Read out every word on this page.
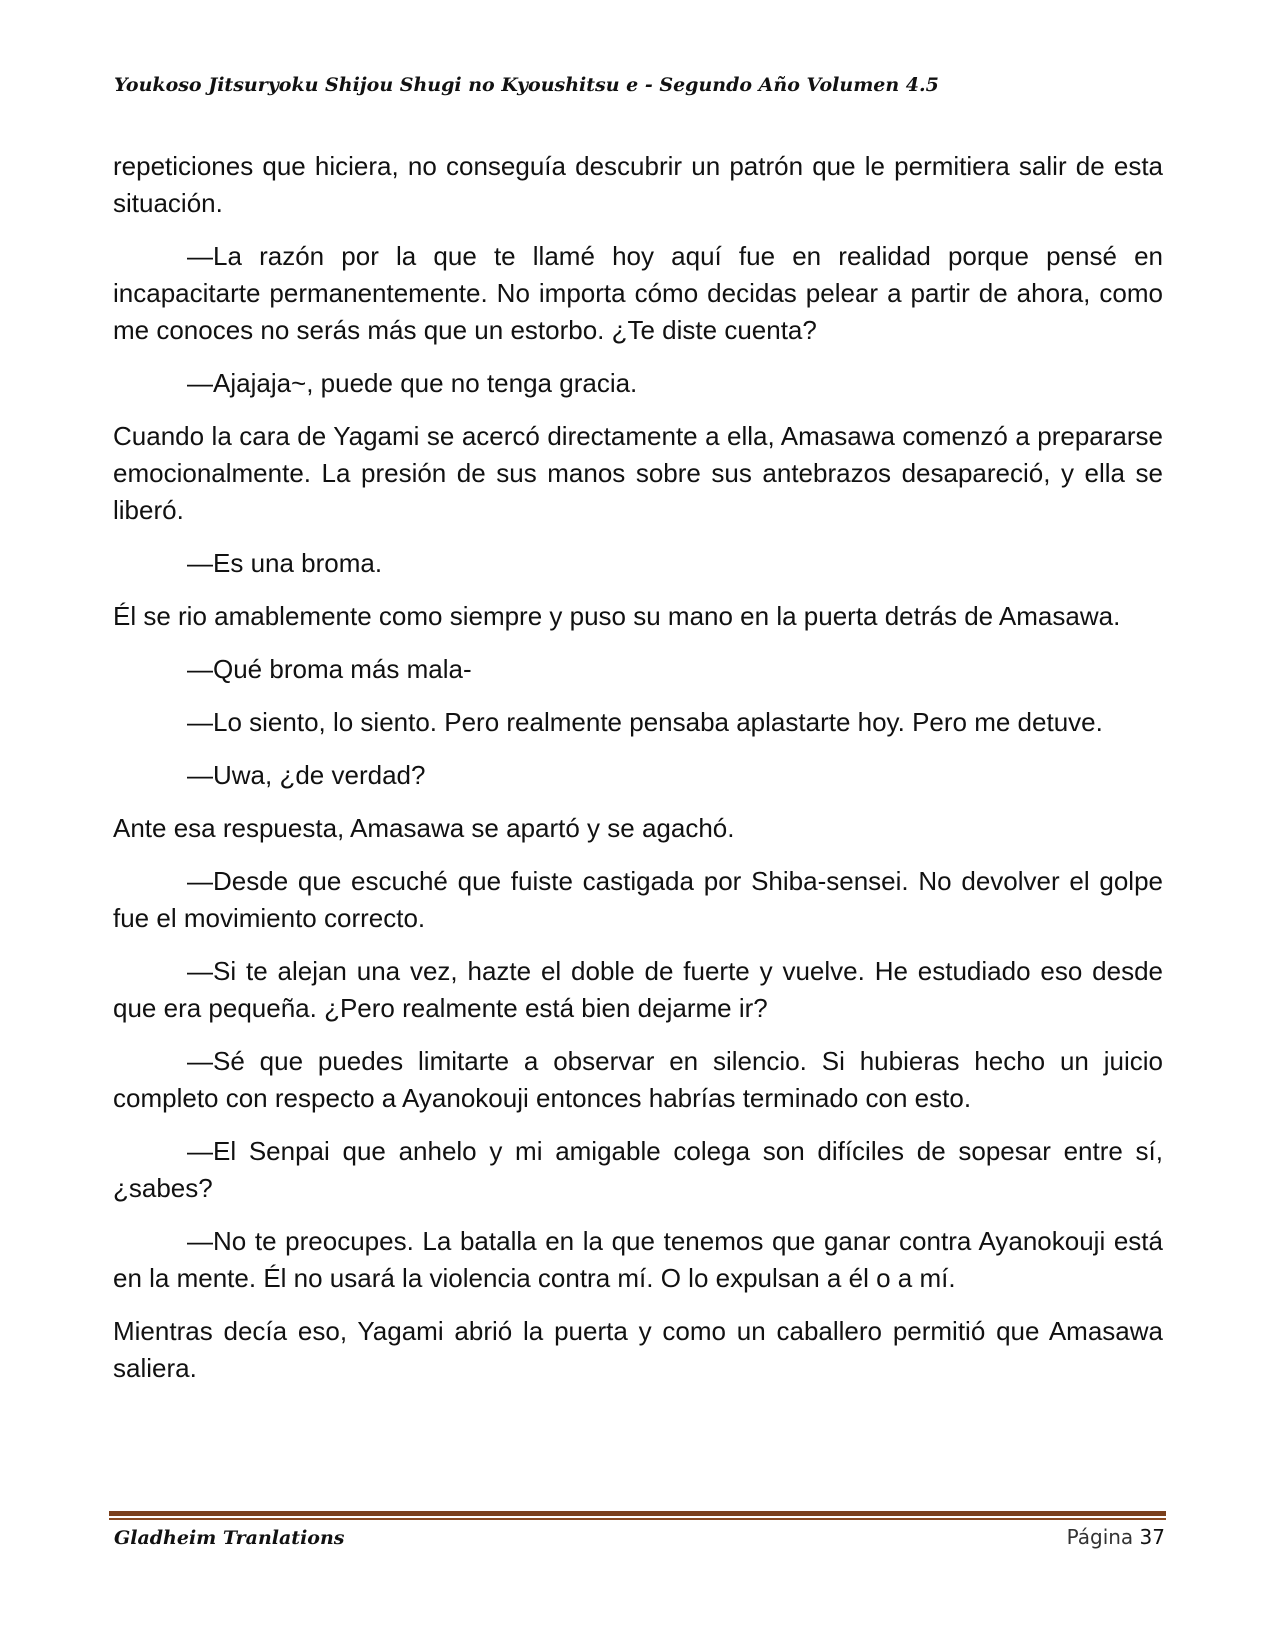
Youkoso Jitsuryoku Shijou Shugi no Kyoushitsu e - Segundo Año Volumen 4.5

repeticiones que hiciera, no conseguía descubrir un patrón que le permitiera salir de esta situación.

—La razón por la que te llamé hoy aquí fue en realidad porque pensé en incapacitarte permanentemente. No importa cómo decidas pelear a partir de ahora, como me conoces no serás más que un estorbo. ¿Te diste cuenta?

—Ajajaja~, puede que no tenga gracia.

Cuando la cara de Yagami se acercó directamente a ella, Amasawa comenzó a prepararse emocionalmente. La presión de sus manos sobre sus antebrazos desapareció, y ella se liberó.

—Es una broma.

Él se rio amablemente como siempre y puso su mano en la puerta detrás de Amasawa.

—Qué broma más mala-

—Lo siento, lo siento. Pero realmente pensaba aplastarte hoy. Pero me detuve.

—Uwa, ¿de verdad?

Ante esa respuesta, Amasawa se apartó y se agachó.

—Desde que escuché que fuiste castigada por Shiba-sensei. No devolver el golpe fue el movimiento correcto.

—Si te alejan una vez, hazte el doble de fuerte y vuelve. He estudiado eso desde que era pequeña. ¿Pero realmente está bien dejarme ir?

—Sé que puedes limitarte a observar en silencio. Si hubieras hecho un juicio completo con respecto a Ayanokouji entonces habrías terminado con esto.

—El Senpai que anhelo y mi amigable colega son difíciles de sopesar entre sí, ¿sabes?

—No te preocupes. La batalla en la que tenemos que ganar contra Ayanokouji está en la mente. Él no usará la violencia contra mí. O lo expulsan a él o a mí.

Mientras decía eso, Yagami abrió la puerta y como un caballero permitió que Amasawa saliera.

Gladheim Tranlations	Página 37
